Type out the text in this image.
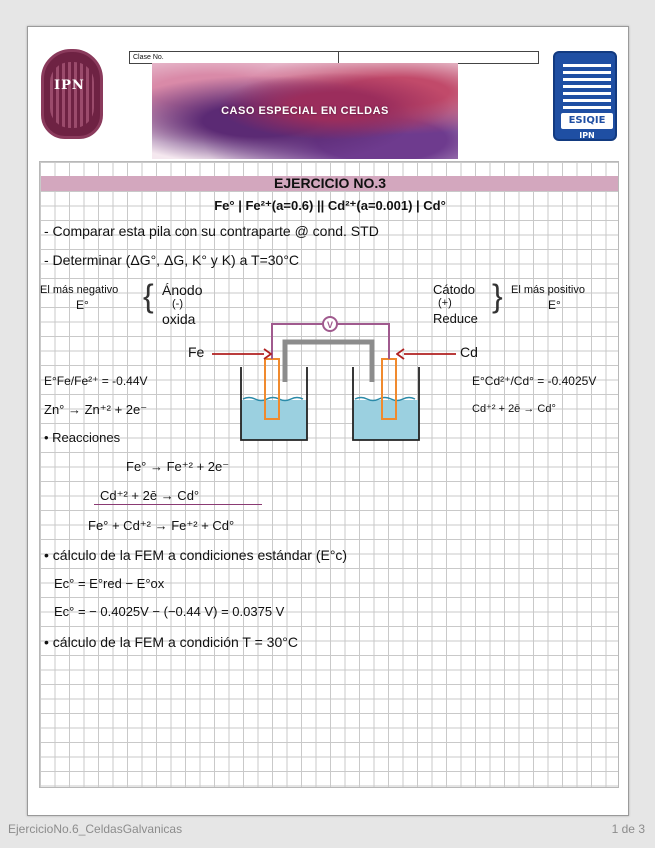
IPN
Clase No.
CASO ESPECIAL EN CELDAS
ESIQIE
IPN
EJERCICIO NO.3
Fe° | Fe²⁺(a=0.6) || Cd²⁺(a=0.001) | Cd°
- Comparar esta pila con su contraparte @ cond. STD
- Determinar (ΔG°, ΔG, K° y K) a T=30°C
El más negativo
E° { Ánodo
(-)
oxida	V
Cátodo
(+)
Reduce
} El más positivo
E°
Fe	Cd
E°Fe/Fe²⁺ = -0.44V	E°Cd²⁺/Cd° = -0.4025V
Zn° → Zn⁺² + 2e⁻	Cd⁺² + 2ē → Cd°
• Reacciones
Fe° → Fe⁺² + 2e⁻
Cd⁺² + 2ē → Cd°
Fe° + Cd⁺² → Fe⁺² + Cd°
• cálculo de la FEM a condiciones estándar (E°c)
Ec° = E°red − E°ox
Ec° = − 0.4025V − (−0.44 V) = 0.0375 V
• cálculo de la FEM a condición T = 30°C
EjercicioNo.6_CeldasGalvanicas	1 de 3
